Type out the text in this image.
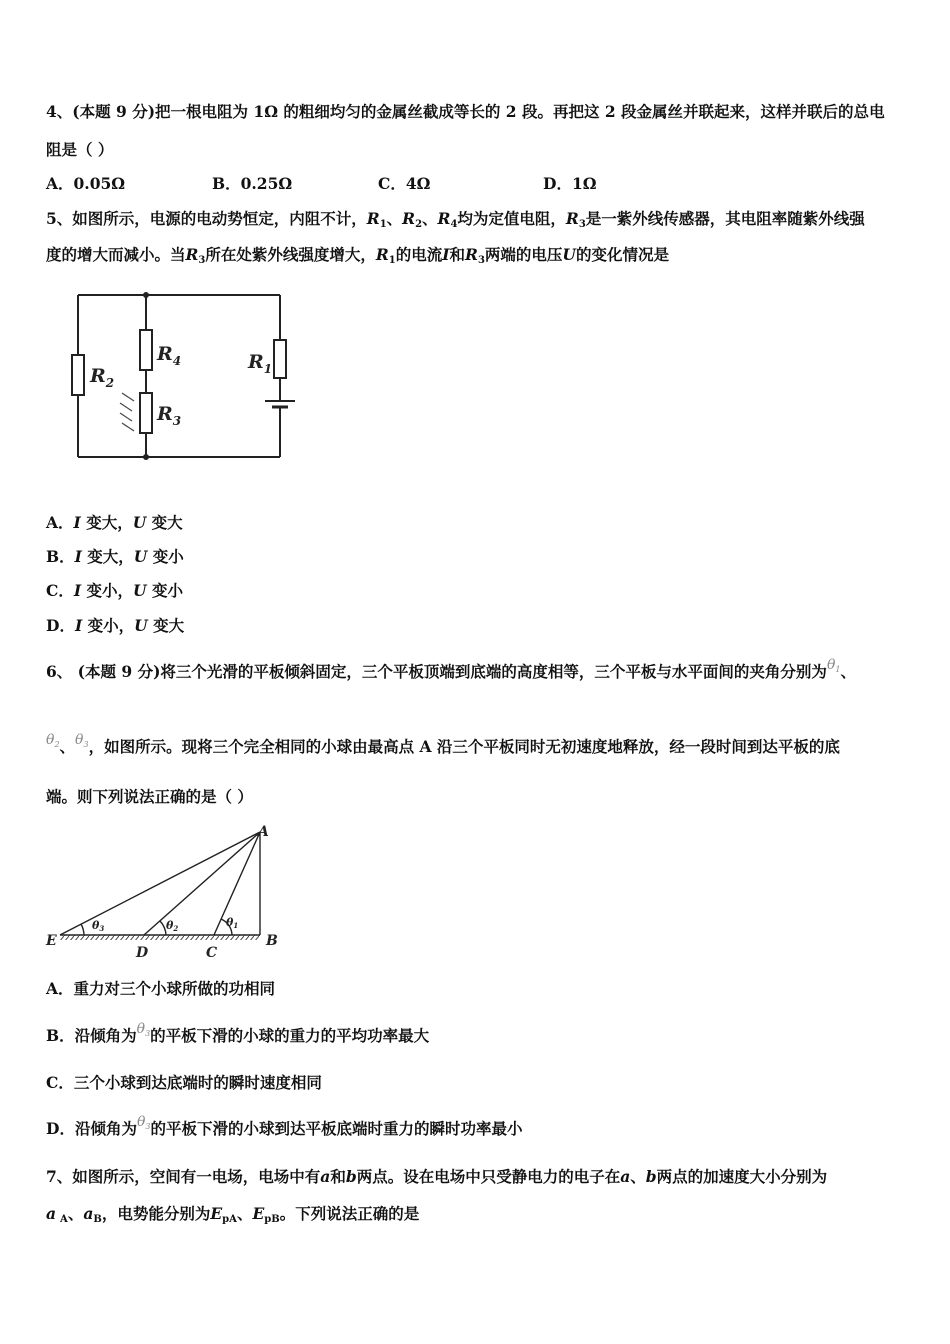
4、(本题 9 分)把一根电阻为 1Ω 的粗细均匀的金属丝截成等长的 2 段。再把这 2 段金属丝并联起来，这样并联后的总电
阻是（ ）
A．0.05Ω	B．0.25Ω	C．4Ω	D．1Ω
5、如图所示，电源的电动势恒定，内阻不计，$R_1$、$R_2$、$R_4$均为定值电阻，$R_3$是一紫外线传感器，其电阻率随紫外线强
度的增大而减小。当$R_3$所在处紫外线强度增大，$R_1$的电流I和$R_3$两端的电压U的变化情况是
$R_2$
$R_4$
$R_3$
$R_1$
A．I 变大，U 变大
B．I 变大，U 变小
C．I 变小，U 变小
D．I 变小，U 变大
6、 (本题 9 分)将三个光滑的平板倾斜固定，三个平板顶端到底端的高度相等，三个平板与水平面间的夹角分别为$\theta_1$、
$\theta_2$、$\theta_3$，如图所示。现将三个完全相同的小球由最高点 A 沿三个平板同时无初速度地释放，经一段时间到达平板的底
端。则下列说法正确的是（ ）
A
B
C
D
E
θ3	θ2	θ1
A．重力对三个小球所做的功相同
B．沿倾角为$\theta_3$的平板下滑的小球的重力的平均功率最大
C．三个小球到达底端时的瞬时速度相同
D．沿倾角为$\theta_3$的平板下滑的小球到达平板底端时重力的瞬时功率最小
7、如图所示，空间有一电场，电场中有a和b两点。设在电场中只受静电力的电子在a、b两点的加速度大小分别为
a $_A$、$a_B$，电势能分别为$E_{pA}$、$E_{pB}$。下列说法正确的是
